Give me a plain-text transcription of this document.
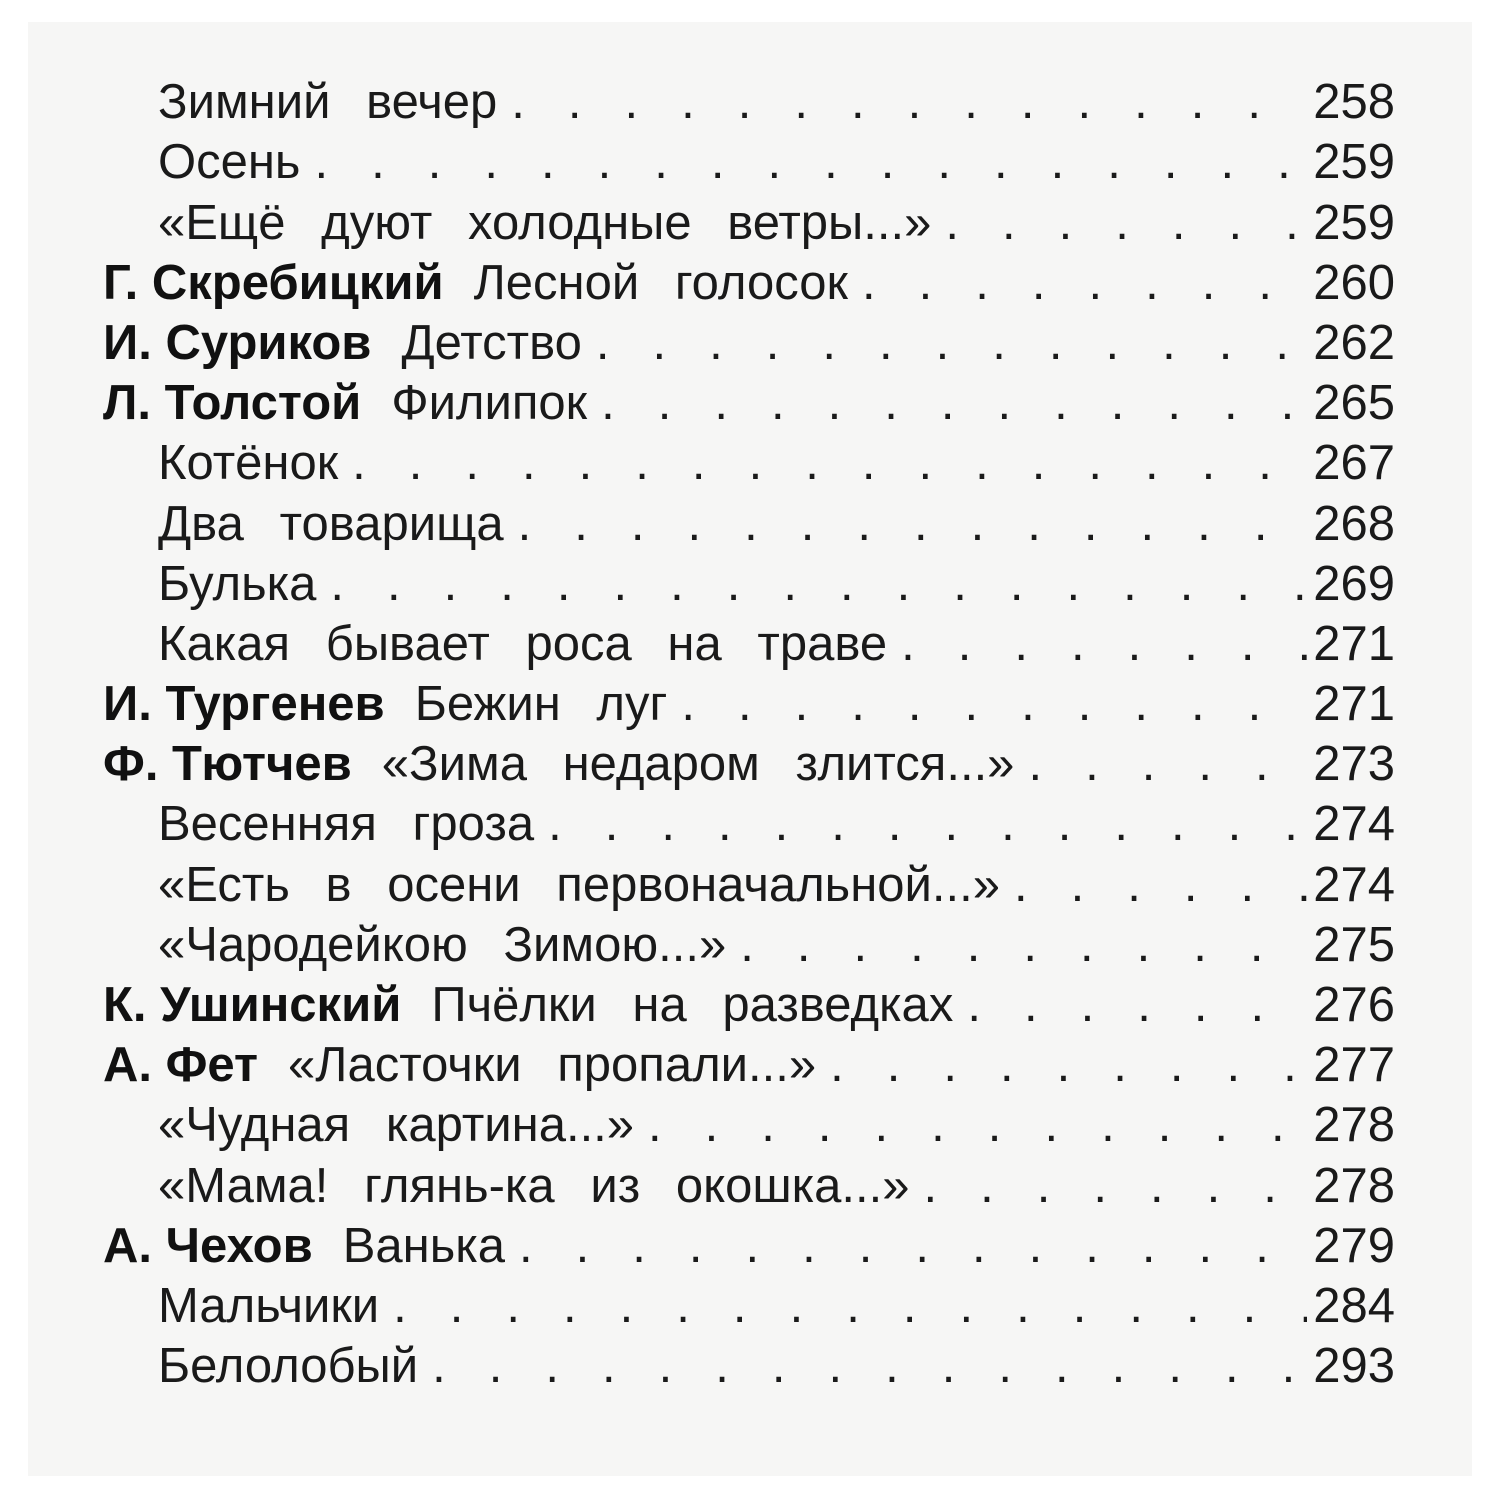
Зимний вечер . . .	258
Осень . . .	259
«Ещё дуют холодные ветры...» . . .	259
Г. Скребицкий Лесной голосок . . .	260
И. Суриков Детство . . .	262
Л. Толстой Филипок . . .	265
Котёнок . . .	267
Два товарища . . .	268
Булька . . .	269
Какая бывает роса на траве . . .	271
И. Тургенев Бежин луг . . .	271
Ф. Тютчев «Зима недаром злится...» . . .	273
Весенняя гроза . . .	274
«Есть в осени первоначальной...» . . .	274
«Чародейкою Зимою...» . . .	275
К. Ушинский Пчёлки на разведках . . .	276
А. Фет «Ласточки пропали...» . . .	277
«Чудная картина...» . . .	278
«Мама! глянь-ка из окошка...» . . .	278
А. Чехов Ванька . . .	279
Мальчики . . .	284
Белолобый . . .	293
